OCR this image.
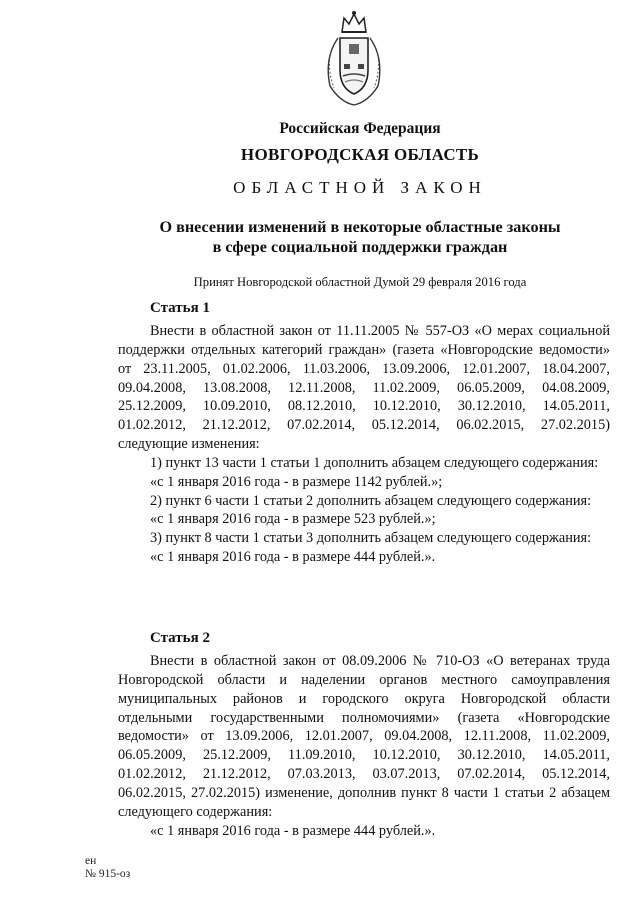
Российская Федерация
НОВГОРОДСКАЯ ОБЛАСТЬ
ОБЛАСТНОЙ ЗАКОН
О внесении изменений в некоторые областные законы
в сфере социальной поддержки граждан
Принят Новгородской областной Думой 29 февраля 2016 года
Статья 1

Внести в областной закон от 11.11.2005 № 557-ОЗ «О мерах социальной поддержки отдельных категорий граждан» (газета «Новгородские ведомости» от 23.11.2005, 01.02.2006, 11.03.2006, 13.09.2006, 12.01.2007, 18.04.2007, 09.04.2008, 13.08.2008, 12.11.2008, 11.02.2009, 06.05.2009, 04.08.2009, 25.12.2009, 10.09.2010, 08.12.2010, 10.12.2010, 30.12.2010, 14.05.2011, 01.02.2012, 21.12.2012, 07.02.2014, 05.12.2014, 06.02.2015, 27.02.2015) следующие изменения:

1) пункт 13 части 1 статьи 1 дополнить абзацем следующего содержания:

«с 1 января 2016 года - в размере 1142 рублей.»;

2) пункт 6 части 1 статьи 2 дополнить абзацем следующего содержания:

«с 1 января 2016 года - в размере 523 рублей.»;

3) пункт 8 части 1 статьи 3 дополнить абзацем следующего содержания:

«с 1 января 2016 года - в размере 444 рублей.».

Статья 2

Внести в областной закон от 08.09.2006 № 710-ОЗ «О ветеранах труда Новгородской области и наделении органов местного самоуправления муниципальных районов и городского округа Новгородской области отдельными государственными полномочиями» (газета «Новгородские ведомости» от 13.09.2006, 12.01.2007, 09.04.2008, 12.11.2008, 11.02.2009, 06.05.2009, 25.12.2009, 11.09.2010, 10.12.2010, 30.12.2010, 14.05.2011, 01.02.2012, 21.12.2012, 07.03.2013, 03.07.2013, 07.02.2014, 05.12.2014, 06.02.2015, 27.02.2015) изменение, дополнив пункт 8 части 1 статьи 2 абзацем следующего содержания:

«с 1 января 2016 года - в размере 444 рублей.».

ен
№ 915-оз
